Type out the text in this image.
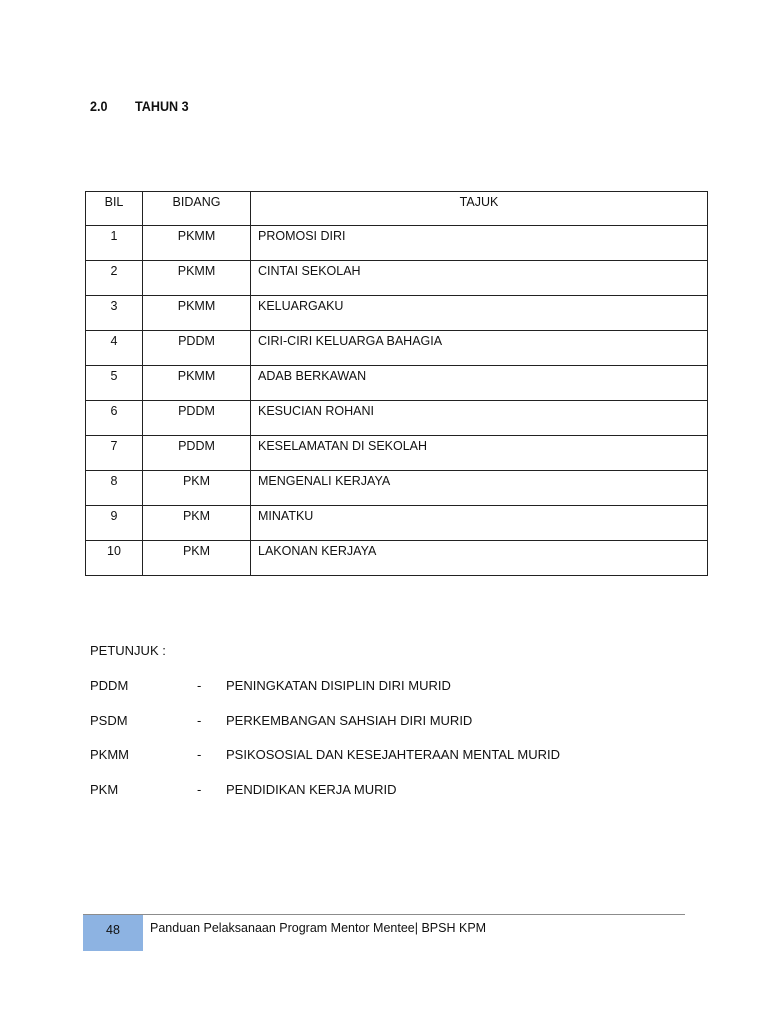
2.0 TAHUN 3
BIL	BIDANG	TAJUK

1	PKMM	PROMOSI DIRI

2	PKMM	CINTAI SEKOLAH

3	PKMM	KELUARGAKU

4	PDDM	CIRI-CIRI KELUARGA BAHAGIA

5	PKMM	ADAB BERKAWAN

6	PDDM	KESUCIAN ROHANI

7	PDDM	KESELAMATAN DI SEKOLAH

8	PKM	MENGENALI KERJAYA

9	PKM	MINATKU

10	PKM	LAKONAN KERJAYA
PETUNJUK :
PDDM	-	PENINGKATAN DISIPLIN DIRI MURID
PSDM	-	PERKEMBANGAN SAHSIAH DIRI MURID
PKMM	-	PSIKOSOSIAL DAN KESEJAHTERAAN MENTAL MURID
PKM	-	PENDIDIKAN KERJA MURID
48	Panduan Pelaksanaan Program Mentor Mentee| BPSH KPM
